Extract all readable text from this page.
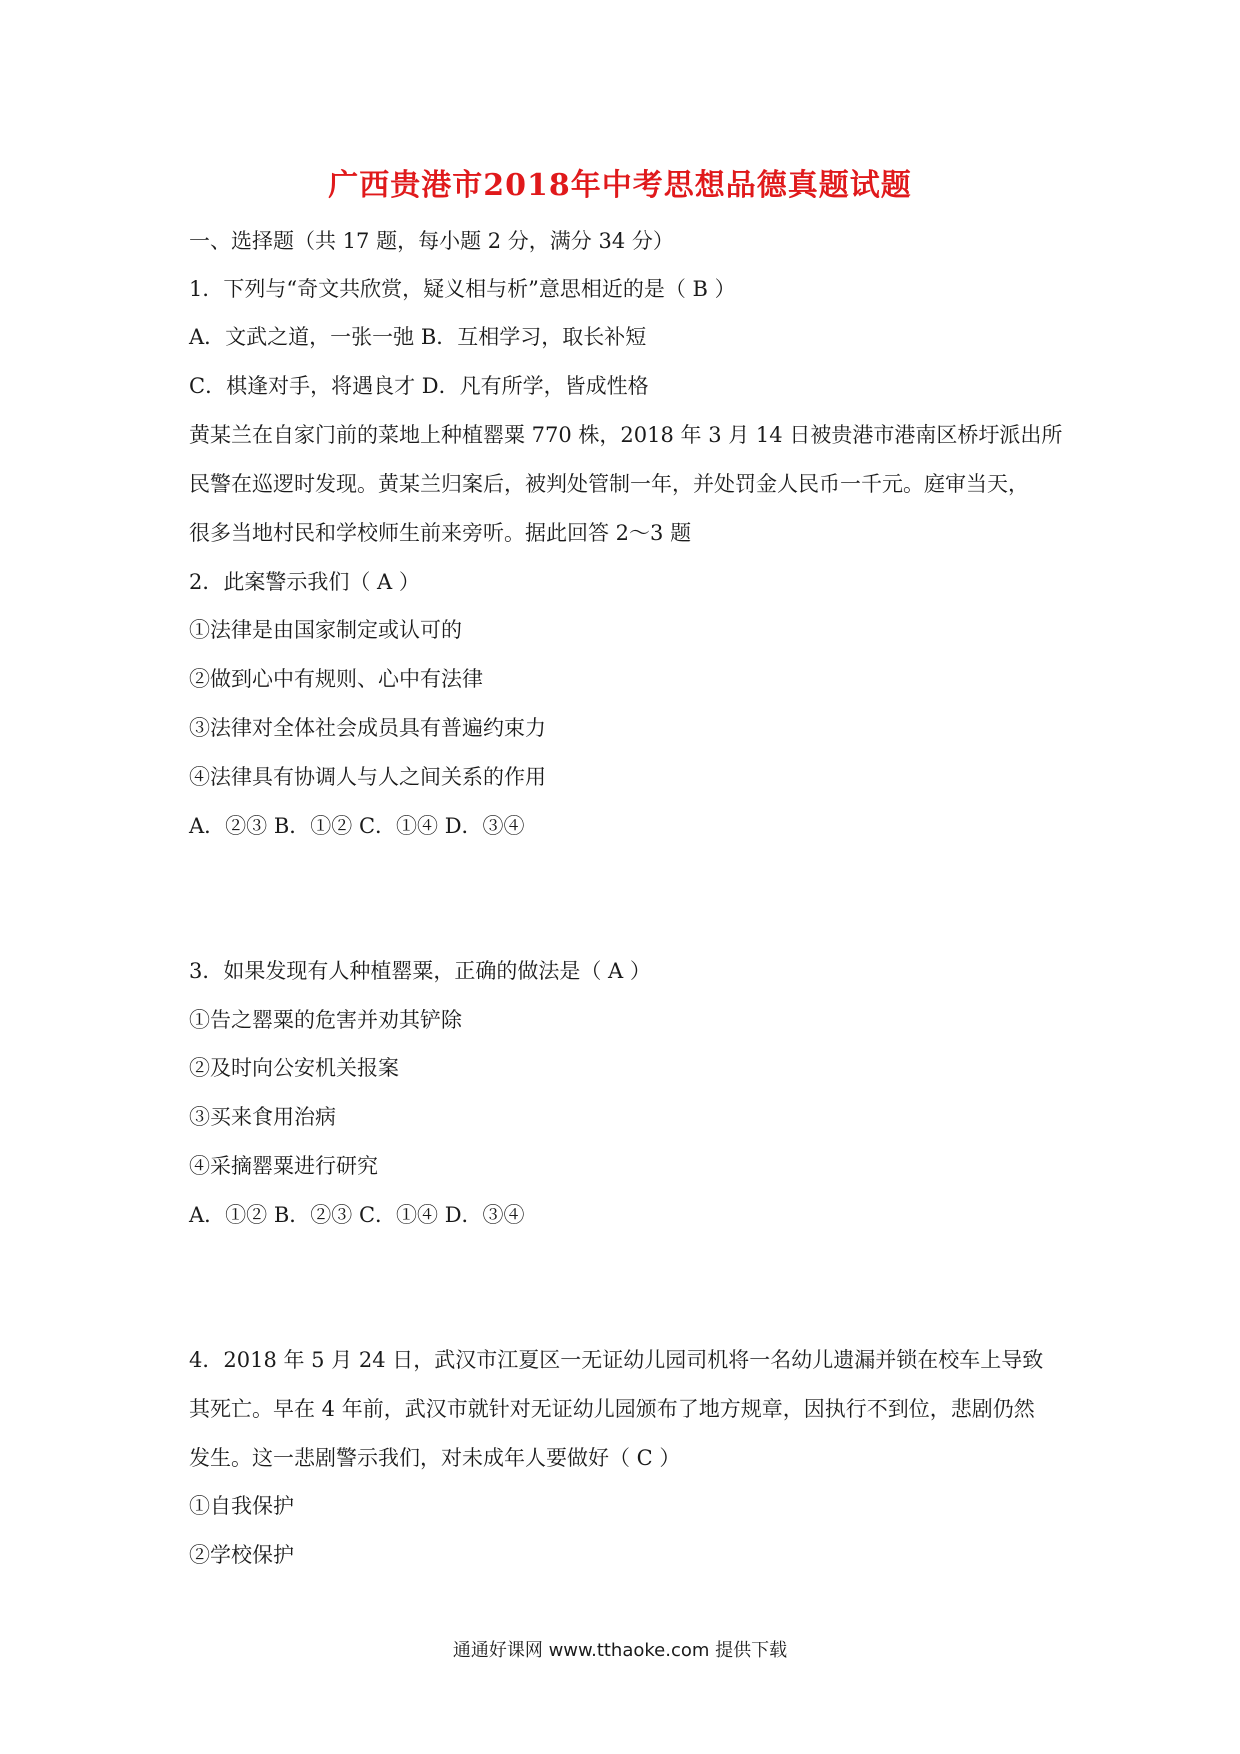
广西贵港市2018年中考思想品德真题试题
一、选择题（共 17 题，每小题 2 分，满分 34 分）
1．下列与“奇文共欣赏，疑义相与析”意思相近的是（ B ）
A．文武之道，一张一弛 B．互相学习，取长补短
C．棋逢对手，将遇良才 D．凡有所学，皆成性格
黄某兰在自家门前的菜地上种植罂粟 770 株，2018 年 3 月 14 日被贵港市港南区桥圩派出所
民警在巡逻时发现。黄某兰归案后，被判处管制一年，并处罚金人民币一千元。庭审当天，
很多当地村民和学校师生前来旁听。据此回答 2～3 题
2．此案警示我们（ A ）
①法律是由国家制定或认可的
②做到心中有规则、心中有法律
③法律对全体社会成员具有普遍约束力
④法律具有协调人与人之间关系的作用
A．②③ B．①② C．①④ D．③④
3．如果发现有人种植罂粟，正确的做法是（ A ）
①告之罂粟的危害并劝其铲除
②及时向公安机关报案
③买来食用治病
④采摘罂粟进行研究
A．①② B．②③ C．①④ D．③④
4．2018 年 5 月 24 日，武汉市江夏区一无证幼儿园司机将一名幼儿遗漏并锁在校车上导致
其死亡。早在 4 年前，武汉市就针对无证幼儿园颁布了地方规章，因执行不到位，悲剧仍然
发生。这一悲剧警示我们，对未成年人要做好（ C ）
①自我保护
②学校保护
通通好课网 www.tthaoke.com 提供下载
